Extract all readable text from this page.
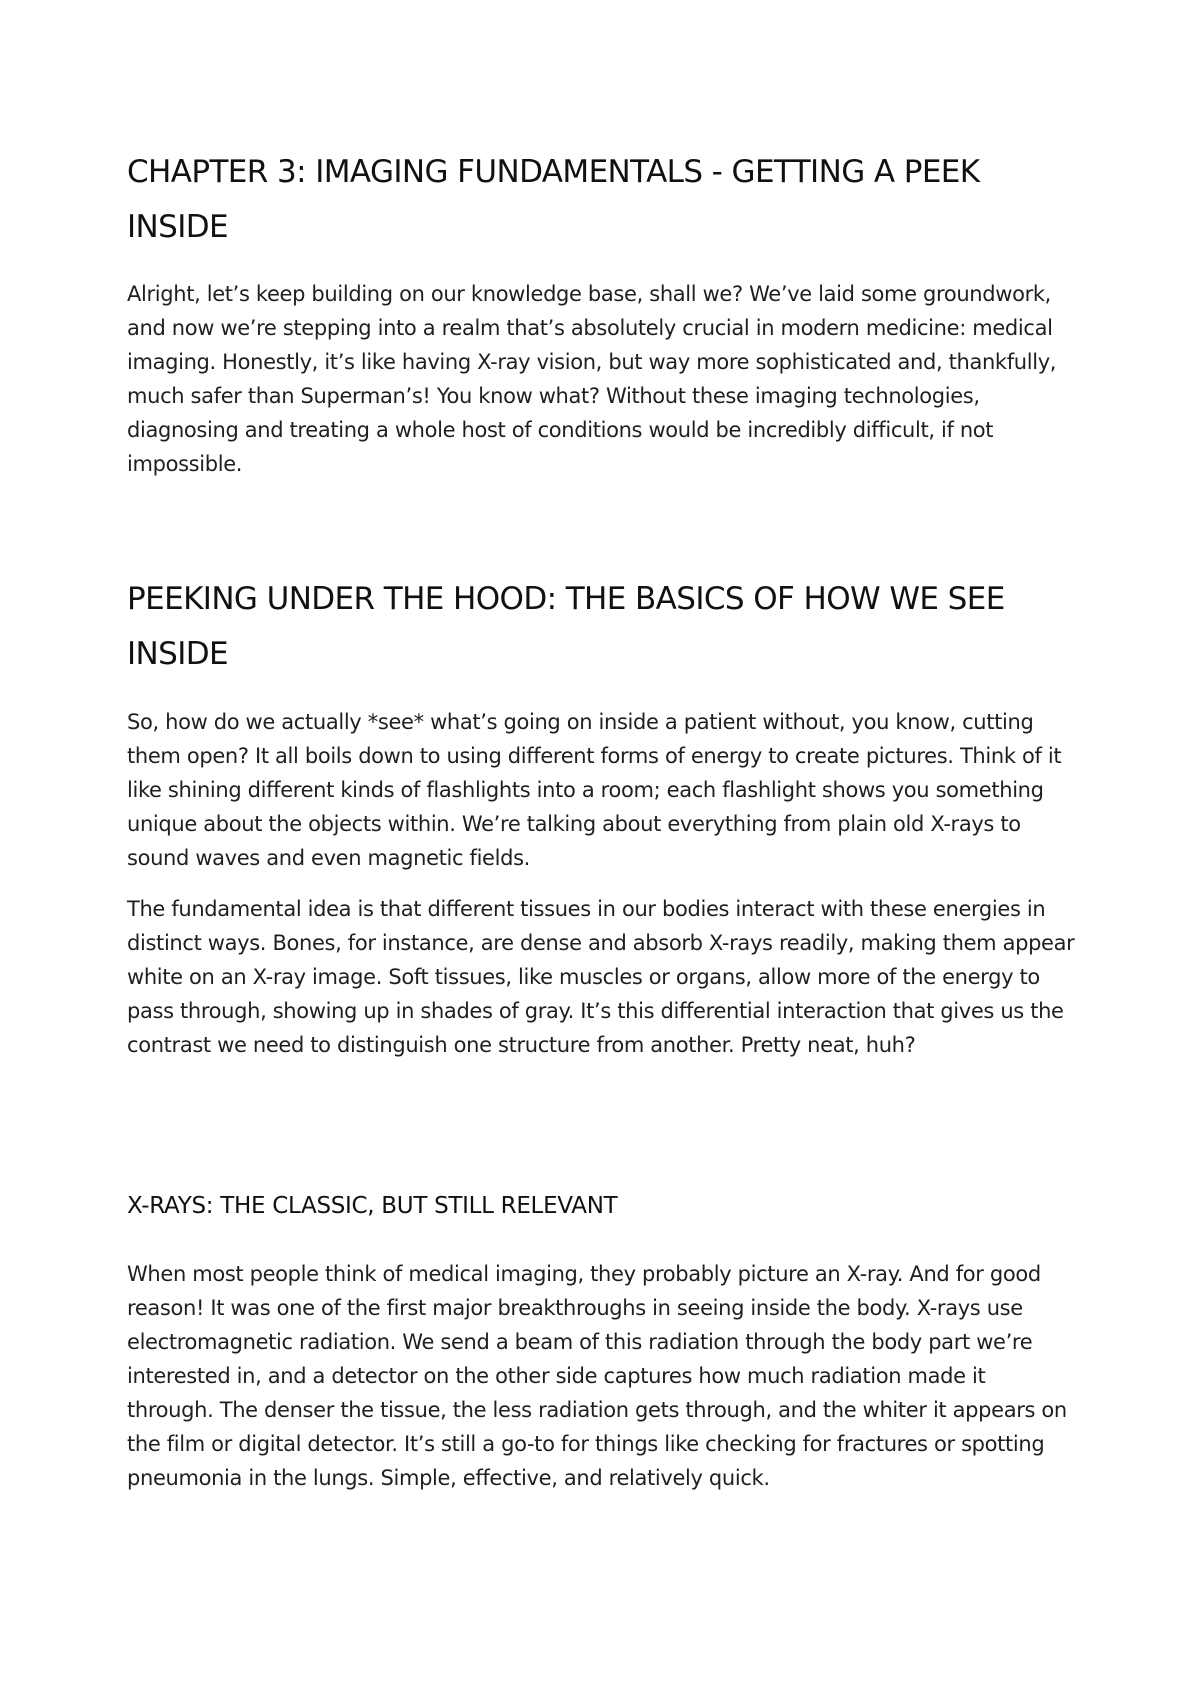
CHAPTER 3: IMAGING FUNDAMENTALS - GETTING A PEEK INSIDE

Alright, let’s keep building on our knowledge base, shall we? We’ve laid some groundwork, and now we’re stepping into a realm that’s absolutely crucial in modern medicine: medical imaging. Honestly, it’s like having X-ray vision, but way more sophisticated and, thankfully, much safer than Superman’s! You know what? Without these imaging technologies, diagnosing and treating a whole host of conditions would be incredibly difficult, if not impossible.

PEEKING UNDER THE HOOD: THE BASICS OF HOW WE SEE INSIDE

So, how do we actually *see* what’s going on inside a patient without, you know, cutting them open? It all boils down to using different forms of energy to create pictures. Think of it like shining different kinds of flashlights into a room; each flashlight shows you something unique about the objects within. We’re talking about everything from plain old X-rays to sound waves and even magnetic fields.

The fundamental idea is that different tissues in our bodies interact with these energies in distinct ways. Bones, for instance, are dense and absorb X-rays readily, making them appear white on an X-ray image. Soft tissues, like muscles or organs, allow more of the energy to pass through, showing up in shades of gray. It’s this differential interaction that gives us the contrast we need to distinguish one structure from another. Pretty neat, huh?

X-RAYS: THE CLASSIC, BUT STILL RELEVANT

When most people think of medical imaging, they probably picture an X-ray. And for good reason! It was one of the first major breakthroughs in seeing inside the body. X-rays use electromagnetic radiation. We send a beam of this radiation through the body part we’re interested in, and a detector on the other side captures how much radiation made it through. The denser the tissue, the less radiation gets through, and the whiter it appears on the film or digital detector. It’s still a go-to for things like checking for fractures or spotting pneumonia in the lungs. Simple, effective, and relatively quick.
